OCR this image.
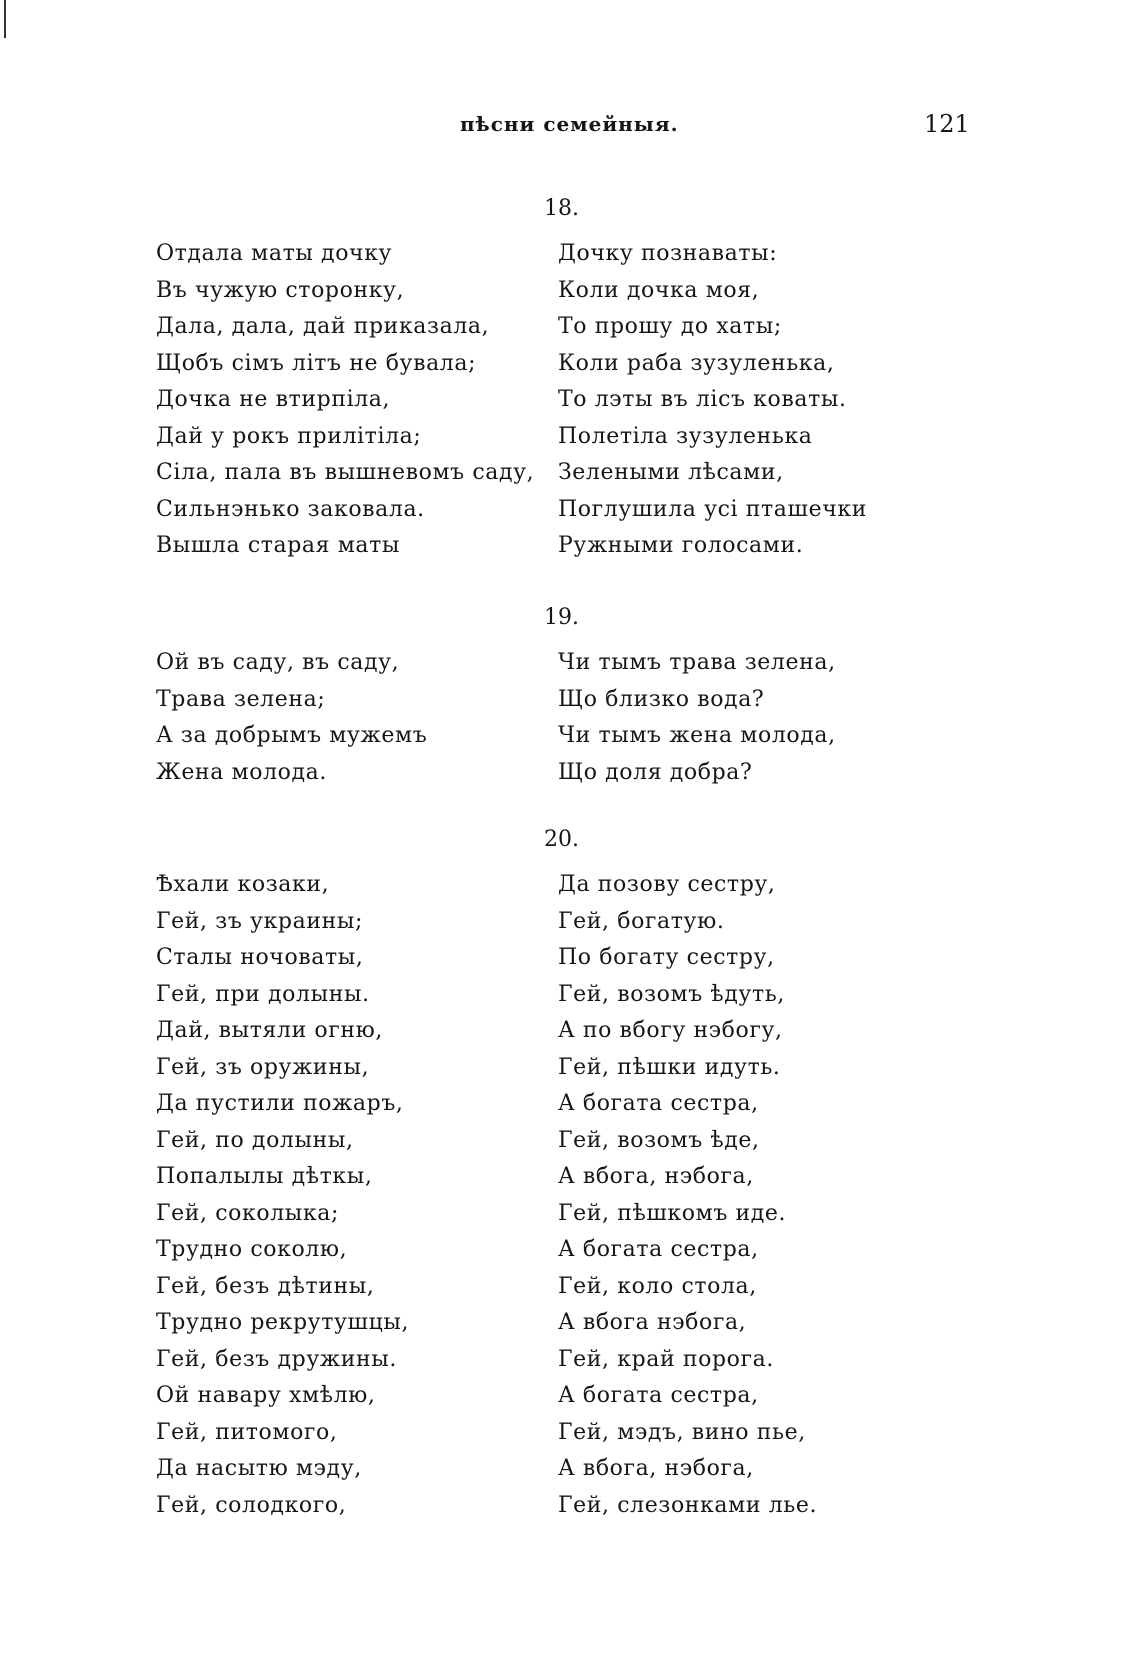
пѣсни семейныя.	121
18.
Отдала маты дочку
Въ чужую сторонку,
Дала, дала, дай приказала,
Щобъ сімъ літъ не бувала;
Дочка не втирпіла,
Дай у рокъ прилітіла;
Сіла, пала въ вышневомъ саду,
Сильнэнько заковала.
Вышла старая маты
Дочку познаваты:
Коли дочка моя,
То прошу до хаты;
Коли раба зузуленька,
То лэты въ лісъ коваты.
Полетіла зузуленька
Зелеными лѣсами,
Поглушила усі пташечки
Ружными голосами.
19.
Ой въ саду, въ саду,
Трава зелена;
А за добрымъ мужемъ
Жена молода.
Чи тымъ трава зелена,
Що близко вода?
Чи тымъ жена молода,
Що доля добра?
20.
Ѣхали козаки,
Гей, зъ украины;
Сталы ночоваты,
Гей, при долыны.
Дай, вытяли огню,
Гей, зъ оружины,
Да пустили пожаръ,
Гей, по долыны,
Попалылы дѣткы,
Гей, соколыка;
Трудно соколю,
Гей, безъ дѣтины,
Трудно рекрутушцы,
Гей, безъ дружины.
Ой навару хмѣлю,
Гей, питомого,
Да насытю мэду,
Гей, солодкого,
Да позову сестру,
Гей, богатую.
По богату сестру,
Гей, возомъ ѣдуть,
А по вбогу нэбогу,
Гей, пѣшки идуть.
А богата сестра,
Гей, возомъ ѣде,
А вбога, нэбога,
Гей, пѣшкомъ иде.
А богата сестра,
Гей, коло стола,
А вбога нэбога,
Гей, край порога.
А богата сестра,
Гей, мэдъ, вино пье,
А вбога, нэбога,
Гей, слезонками лье.
